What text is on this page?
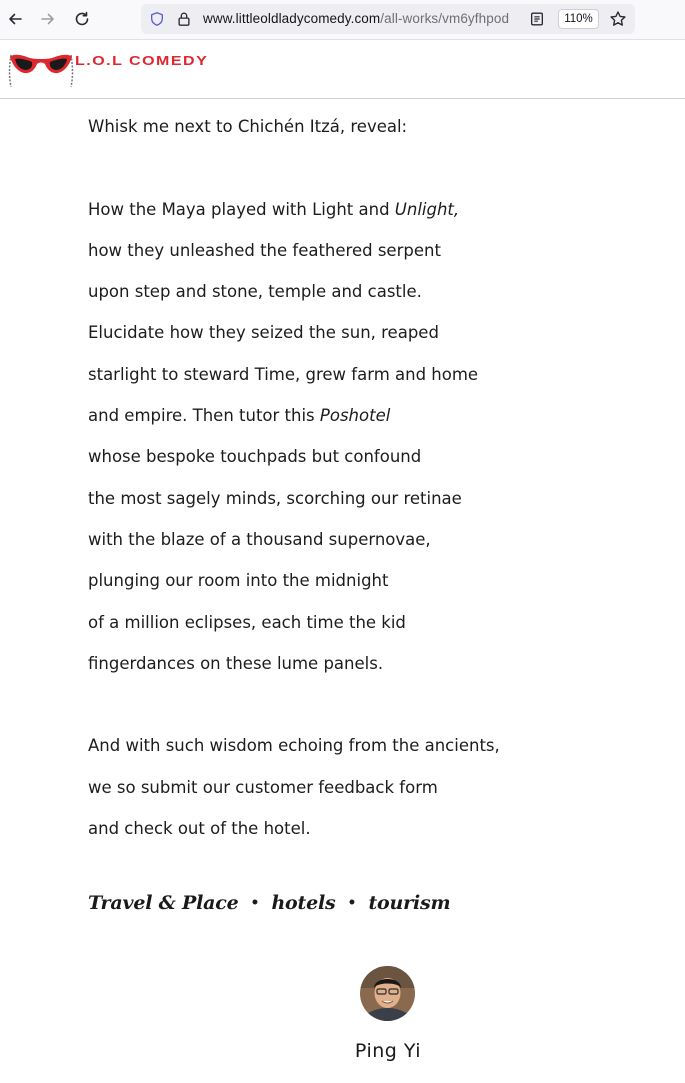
www.littleoldladycomedy.com/all-works/vm6yfhpod	110%
L.O.L COMEDY
Whisk me next to Chichén Itzá, reveal:
How the Maya played with Light and Unlight,
how they unleashed the feathered serpent
upon step and stone, temple and castle.
Elucidate how they seized the sun, reaped
starlight to steward Time, grew farm and home
and empire. Then tutor this Poshotel
whose bespoke touchpads but confound
the most sagely minds, scorching our retinae
with the blaze of a thousand supernovae,
plunging our room into the midnight
of a million eclipses, each time the kid
fingerdances on these lume panels.
And with such wisdom echoing from the ancients,
we so submit our customer feedback form
and check out of the hotel.
Travel & Place • hotels • tourism
Ping Yi
